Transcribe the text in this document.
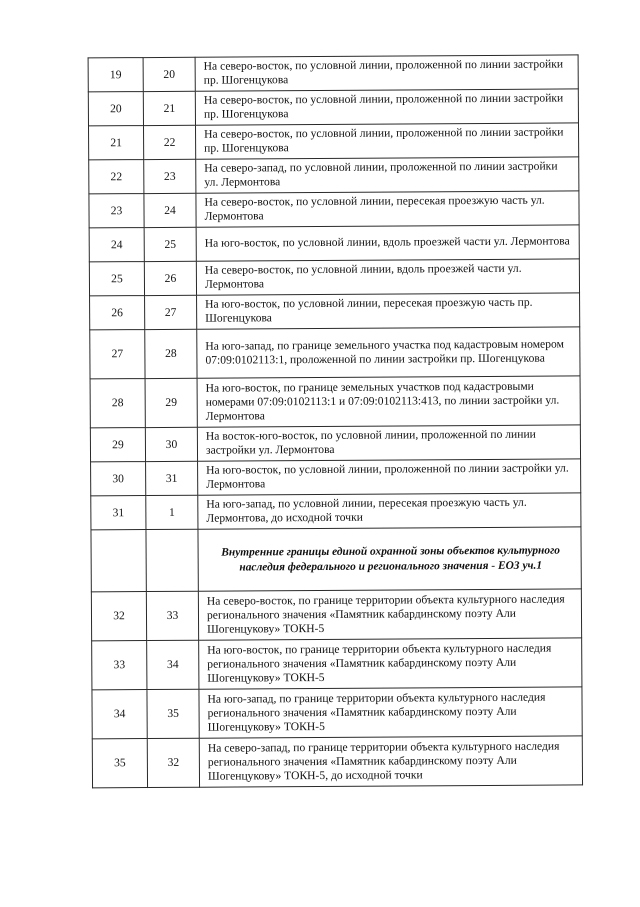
19	20	На северо-восток, по условной линии, проложенной по линии застройки пр. Шогенцукова
20	21	На северо-восток, по условной линии, проложенной по линии застройки пр. Шогенцукова
21	22	На северо-восток, по условной линии, проложенной по линии застройки пр. Шогенцукова
22	23	На северо-запад, по условной линии, проложенной по линии застройки ул. Лермонтова
23	24	На северо-восток, по условной линии, пересекая проезжую часть ул. Лермонтова
24	25	На юго-восток, по условной линии, вдоль проезжей части ул. Лермонтова
25	26	На северо-восток, по условной линии, вдоль проезжей части ул. Лермонтова
26	27	На юго-восток, по условной линии, пересекая проезжую часть пр. Шогенцукова
27	28	На юго-запад, по границе земельного участка под кадастровым номером 07:09:0102113:1, проложенной по линии застройки пр. Шогенцукова
28	29	На юго-восток, по границе земельных участков под кадастровыми номерами 07:09:0102113:1 и 07:09:0102113:413, по линии застройки ул. Лермонтова
29	30	На восток-юго-восток, по условной линии, проложенной по линии застройки ул. Лермонтова
30	31	На юго-восток, по условной линии, проложенной по линии застройки ул. Лермонтова
31	1	На юго-запад, по условной линии, пересекая проезжую часть ул. Лермонтова, до исходной точки
		Внутренние границы единой охранной зоны объектов культурного наследия федерального и регионального значения - ЕОЗ уч.1
32	33	На северо-восток, по границе территории объекта культурного наследия регионального значения «Памятник кабардинскому поэту Али Шогенцукову» ТОКН-5
33	34	На юго-восток, по границе территории объекта культурного наследия регионального значения «Памятник кабардинскому поэту Али Шогенцукову» ТОКН-5
34	35	На юго-запад, по границе территории объекта культурного наследия регионального значения «Памятник кабардинскому поэту Али Шогенцукову» ТОКН-5
35	32	На северо-запад, по границе территории объекта культурного наследия регионального значения «Памятник кабардинскому поэту Али Шогенцукову» ТОКН-5, до исходной точки
